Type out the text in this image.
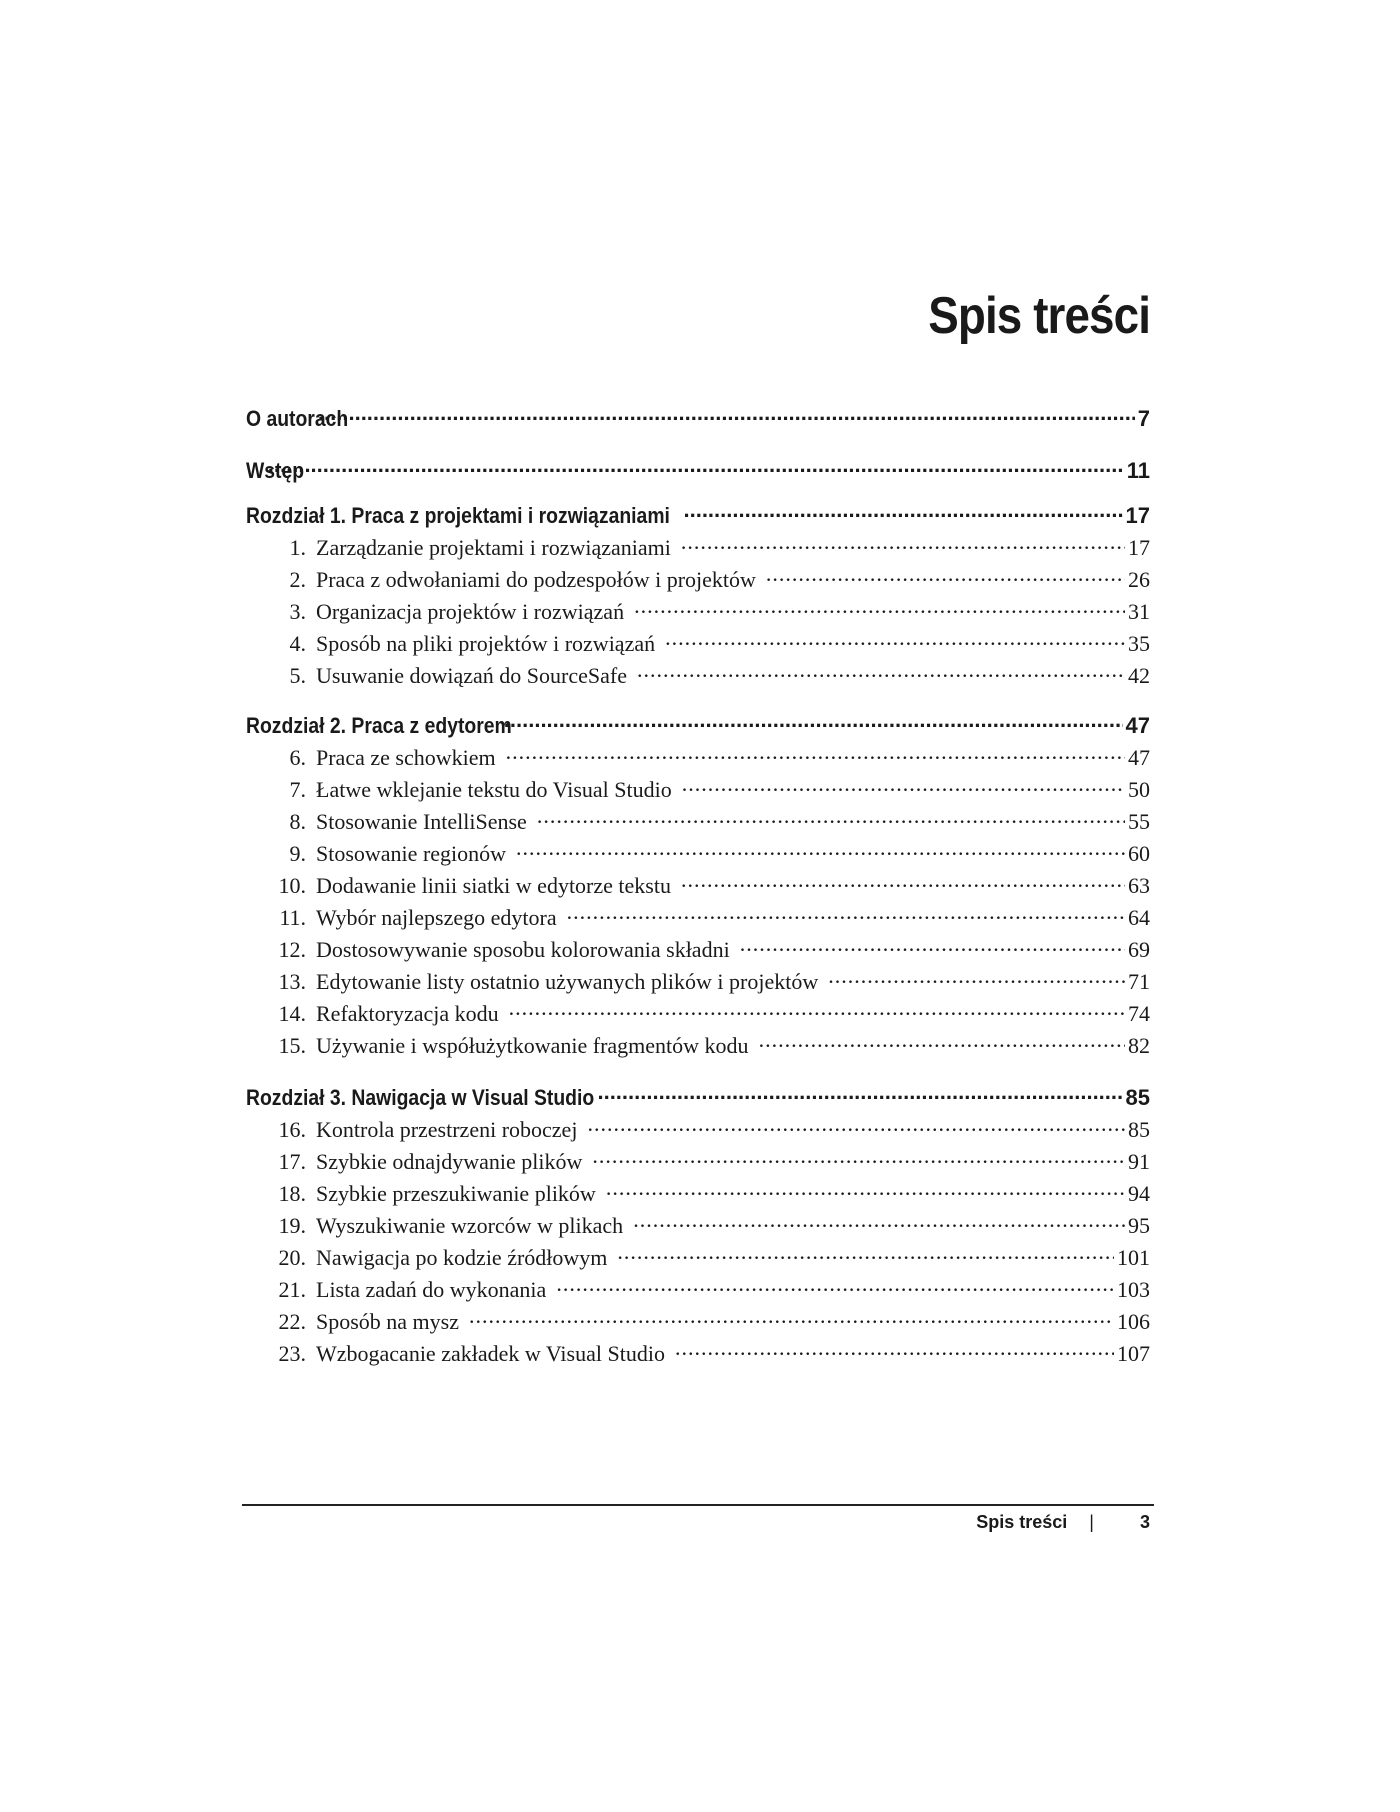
Spis treści
O autorach .....	7
Wstęp .....	11
Rozdział 1. Praca z projektami i rozwiązaniami .....	17
1. Zarządzanie projektami i rozwiązaniami .....	17
2. Praca z odwołaniami do podzespołów i projektów .....	26
3. Organizacja projektów i rozwiązań .....	31
4. Sposób na pliki projektów i rozwiązań .....	35
5. Usuwanie dowiązań do SourceSafe .....	42
Rozdział 2. Praca z edytorem .....	47
6. Praca ze schowkiem .....	47
7. Łatwe wklejanie tekstu do Visual Studio .....	50
8. Stosowanie IntelliSense .....	55
9. Stosowanie regionów .....	60
10. Dodawanie linii siatki w edytorze tekstu .....	63
11. Wybór najlepszego edytora .....	64
12. Dostosowywanie sposobu kolorowania składni .....	69
13. Edytowanie listy ostatnio używanych plików i projektów .....	71
14. Refaktoryzacja kodu .....	74
15. Używanie i współużytkowanie fragmentów kodu .....	82
Rozdział 3. Nawigacja w Visual Studio .....	85
16. Kontrola przestrzeni roboczej .....	85
17. Szybkie odnajdywanie plików .....	91
18. Szybkie przeszukiwanie plików .....	94
19. Wyszukiwanie wzorców w plikach .....	95
20. Nawigacja po kodzie źródłowym .....	101
21. Lista zadań do wykonania .....	103
22. Sposób na mysz .....	106
23. Wzbogacanie zakładek w Visual Studio .....	107
Spis treści |	3
